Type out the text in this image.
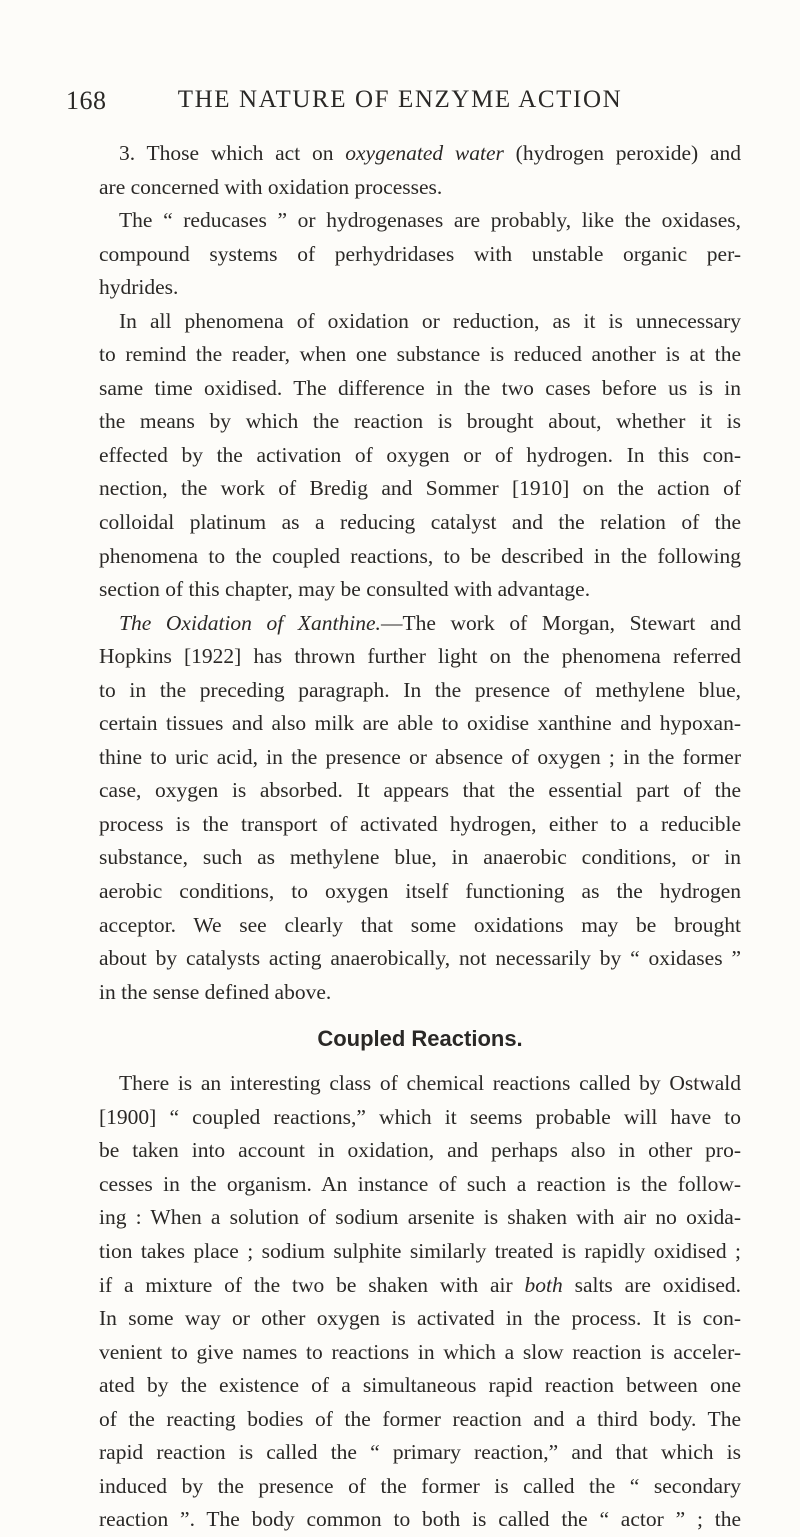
168	THE NATURE OF ENZYME ACTION
3. Those which act on oxygenated water (hydrogen peroxide) and
are concerned with oxidation processes.
The “ reducases ” or hydrogenases are probably, like the oxidases,
compound systems of perhydridases with unstable organic per-
hydrides.
In all phenomena of oxidation or reduction, as it is unnecessary
to remind the reader, when one substance is reduced another is at the
same time oxidised. The difference in the two cases before us is in
the means by which the reaction is brought about, whether it is
effected by the activation of oxygen or of hydrogen. In this con-
nection, the work of Bredig and Sommer [1910] on the action of
colloidal platinum as a reducing catalyst and the relation of the
phenomena to the coupled reactions, to be described in the following
section of this chapter, may be consulted with advantage.
The Oxidation of Xanthine.—The work of Morgan, Stewart and
Hopkins [1922] has thrown further light on the phenomena referred
to in the preceding paragraph. In the presence of methylene blue,
certain tissues and also milk are able to oxidise xanthine and hypoxan-
thine to uric acid, in the presence or absence of oxygen ; in the former
case, oxygen is absorbed. It appears that the essential part of the
process is the transport of activated hydrogen, either to a reducible
substance, such as methylene blue, in anaerobic conditions, or in
aerobic conditions, to oxygen itself functioning as the hydrogen
acceptor. We see clearly that some oxidations may be brought
about by catalysts acting anaerobically, not necessarily by “ oxidases ”
in the sense defined above.
Coupled Reactions.
There is an interesting class of chemical reactions called by Ostwald
[1900] “ coupled reactions,” which it seems probable will have to
be taken into account in oxidation, and perhaps also in other pro-
cesses in the organism. An instance of such a reaction is the follow-
ing : When a solution of sodium arsenite is shaken with air no oxida-
tion takes place ; sodium sulphite similarly treated is rapidly oxidised ;
if a mixture of the two be shaken with air both salts are oxidised.
In some way or other oxygen is activated in the process. It is con-
venient to give names to reactions in which a slow reaction is acceler-
ated by the existence of a simultaneous rapid reaction between one
of the reacting bodies of the former reaction and a third body. The
rapid reaction is called the “ primary reaction,” and that which is
induced by the presence of the former is called the “ secondary
reaction ”. The body common to both is called the “ actor ” ; the
